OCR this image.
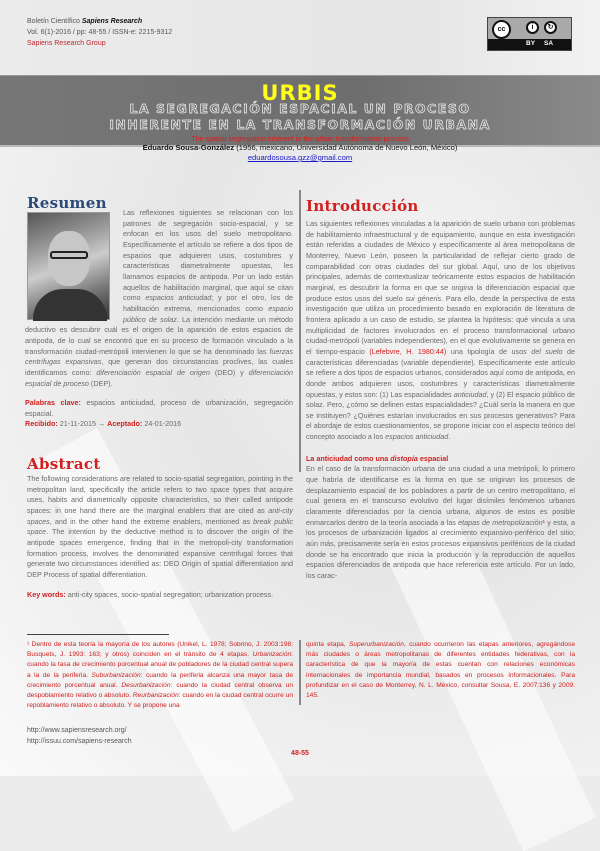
Boletín Científico Sapiens Research
Vol. 6(1)-2016 / pp: 48-55 / ISSN-e: 2215-9312
Sapiens Research Group
cc	i	↻
BY SA
URBIS
LA SEGREGACIÓN ESPACIAL UN PROCESO
INHERENTE EN LA TRANSFORMACIÓN URBANA
The spatial segregation inherent in the urban transformation process
Eduardo Sousa-González (1956, mexicano, Universidad Autónoma de Nuevo León, México)
eduardosousa.gzz@gmail.com
Resumen
Las reflexiones siguientes se relacionan con los patrones de segregación socio-espacial, y se enfocan en los usos del suelo metropolitano. Específicamente el artículo se refiere a dos tipos de espacios que adquieren usos, costumbres y características diametralmente opuestas, les llamamos espacios de antipoda. Por un lado están aquellos de habilitación marginal, que aquí se citan como espacios anticiudad; y por el otro, los de habilitación extrema, mencionados como espacio público de solaz. La intención mediante un método deductivo es descubrir cuál es el origen de la aparición de estos espacios de antipoda, de lo cual se encontró que en su proceso de formación vinculado a la transformación ciudad-metrópoli intervienen lo que se ha denominado las fuerzas centrífugas expansivas, que generan dos circunstancias proclives, las cuales identificamos como: diferenciación espacial de origen (DEO) y diferenciación espacial de proceso (DEP).
Palabras clave: espacios anticiudad, proceso de urbanización, segregación espacial.
Recibido: 21-11-2015 → Aceptado: 24-01-2016
Abstract
The following considerations are related to socio-spatial segregation, pointing in the metropolitan land, specifically the article refers to two space types that acquire uses, habits and diametrically opposite characteristics, so their called antipode spaces: in one hand there are the marginal enablers that are cited as anti-city spaces, and in the other hand the extreme enablers, mentioned as break public space. The intention by the deductive method is to discover the origin of the antipode spaces emergence, finding that in the metropoli-city transformation formation process, involves the denominated expansive centrifugal forces that generate two circumstances identified as: DEO Origin of spatial differentiation and DEP Process of spatial differentiation.
Key words: anti-city spaces, socio-spatial segregation; urbanization process.
Introducción
Las siguientes reflexiones vinculadas a la aparición de suelo urbano con problemas de habilitamiento infraestructural y de equipamiento, aunque en esta investigación están referidas a ciudades de México y específicamente al área metropolitana de Monterrey, Nuevo León, poseen la particularidad de reflejar cierto grado de comparabilidad con otras ciudades del sur global. Aquí, uno de los objetivos principales, además de contextualizar teóricamente estos espacios de habilitación marginal, es descubrir la forma en que se origina la diferenciación espacial que produce estos usos del suelo sui géneris. Para ello, desde la perspectiva de esta investigación que utiliza un procedimiento basado en exploración de literatura de frontera aplicado a un caso de estudio, se plantea la hipótesis: qué vincula a una multiplicidad de factores involucrados en el proceso transformacional urbano ciudad-metrópoli (variables independientes), en el que evolutivamente se genera en el tiempo-espacio (Lefebvre, H. 1980:44) una tipología de usos del suelo de características diferenciadas (variable dependiente). Específicamente este artículo se refiere a dos tipos de espacios urbanos, considerados aquí como de antipoda, en donde ambos adquieren usos, costumbres y características diametralmente opuestas, y estos son: (1) Las espacialidades anticiudad, y (2) El espacio público de solaz. Pero, ¿cómo se definen estas espacialidades? ¿Cuál sería la manera en que se instituyen? ¿Quiénes estarían involucrados en sus procesos generativos? Para el abordaje de estos cuestionamientos, se propone iniciar con el aspecto teórico del concepto asociado a los espacios anticiudad.
La anticiudad como una distopía espacial
En el caso de la transformación urbana de una ciudad a una metrópoli, lo primero que habría de identificarse es la forma en que se originan los procesos de desplazamiento espacial de los pobladores a partir de un centro metropolitano, el cual genera en el transcurso evolutivo del lugar disímiles fenómenos urbanos claramente diferenciados por la ciencia urbana, algunos de estos es posible enmarcarlos dentro de la teoría asociada a las etapas de metropolización¹ y esta, a los procesos de urbanización ligados al crecimiento expansivo-periférico del sitio; aún más, precisamente sería en estos procesos expansivos periféricos de la ciudad donde se ha encontrado que inicia la producción y la reproducción de aquellos espacios diferenciados de antipoda que hace referencia este artículo. Por un lado, los carac-
¹ Dentro de esta teoría la mayoría de los autores (Unikel, L. 1978; Sobrino, J. 2003:198; Busquets, J. 1993: 163; y otros) coinciden en el tránsito de 4 etapas. Urbanización: cuando la tasa de crecimiento porcentual anual de pobladores de la ciudad central supera a la de la periferia. Suburbanización: cuando la periferia alcanza una mayor tasa de crecimiento porcentual anual. Desurbanización: cuando la ciudad central observa un despoblamiento relativo o absoluto. Reurbanización: cuando en la ciudad central ocurre un repoblamiento relativo o absoluto. Y se propone una
quinta etapa, Superurbanización, cuando ocurrieron las etapas anteriores, agregándose más ciudades o áreas metropolitanas de diferentes entidades federativas, con la característica de que la mayoría de estas cuentan con relaciones económicas internacionales de importancia mundial, basados en procesos informacionales. Para profundizar en el caso de Monterrey, N. L. México, consultar Sousa, E. 2007:136 y 2009: 145.
http://www.sapiensresearch.org/
http://issuu.com/sapiens-research
48-55
